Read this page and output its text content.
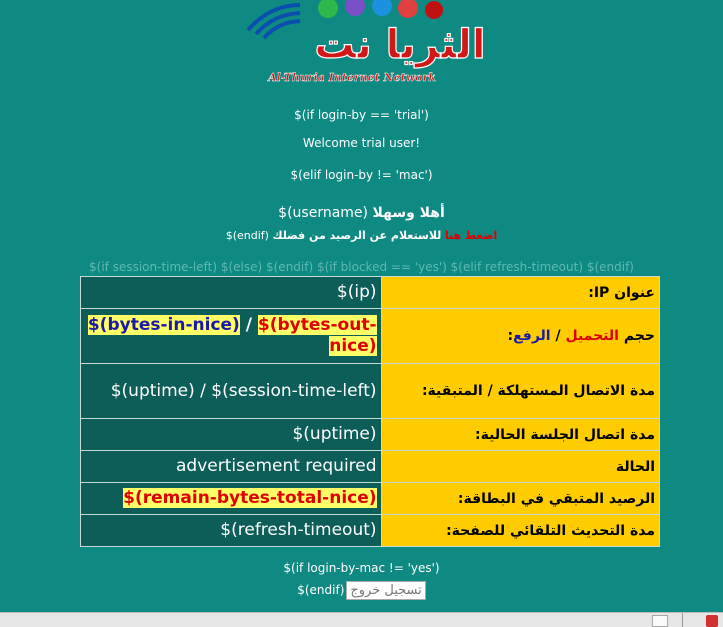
الثريا نت
Al-Thuria Internet Network
$(if login-by == 'trial')
Welcome trial user!
$(elif login-by != 'mac')
أهلا وسهلا $(username)
اضغط هنا للاستعلام عن الرصيد من فضلك $(endif)
$(if session-time-left) $(else) $(endif) $(if blocked == 'yes') $(elif refresh-timeout) $(endif)
$(ip)	عنوان IP:
$(bytes-in-nice) / $(bytes-out-nice)	حجم التحميل / الرفع:
$(uptime) / $(session-time-left)	مدة الاتصال المستهلكة / المتبقية:
$(uptime)	مدة اتصال الجلسة الحالية:
advertisement required	الحالة
$(remain-bytes-total-nice)	الرصيد المتبقي في البطاقة:
$(refresh-timeout)	مدة التحديث التلقائي للصفحة:
$(if login-by-mac != 'yes')
$(endif) تسجيل خروج
